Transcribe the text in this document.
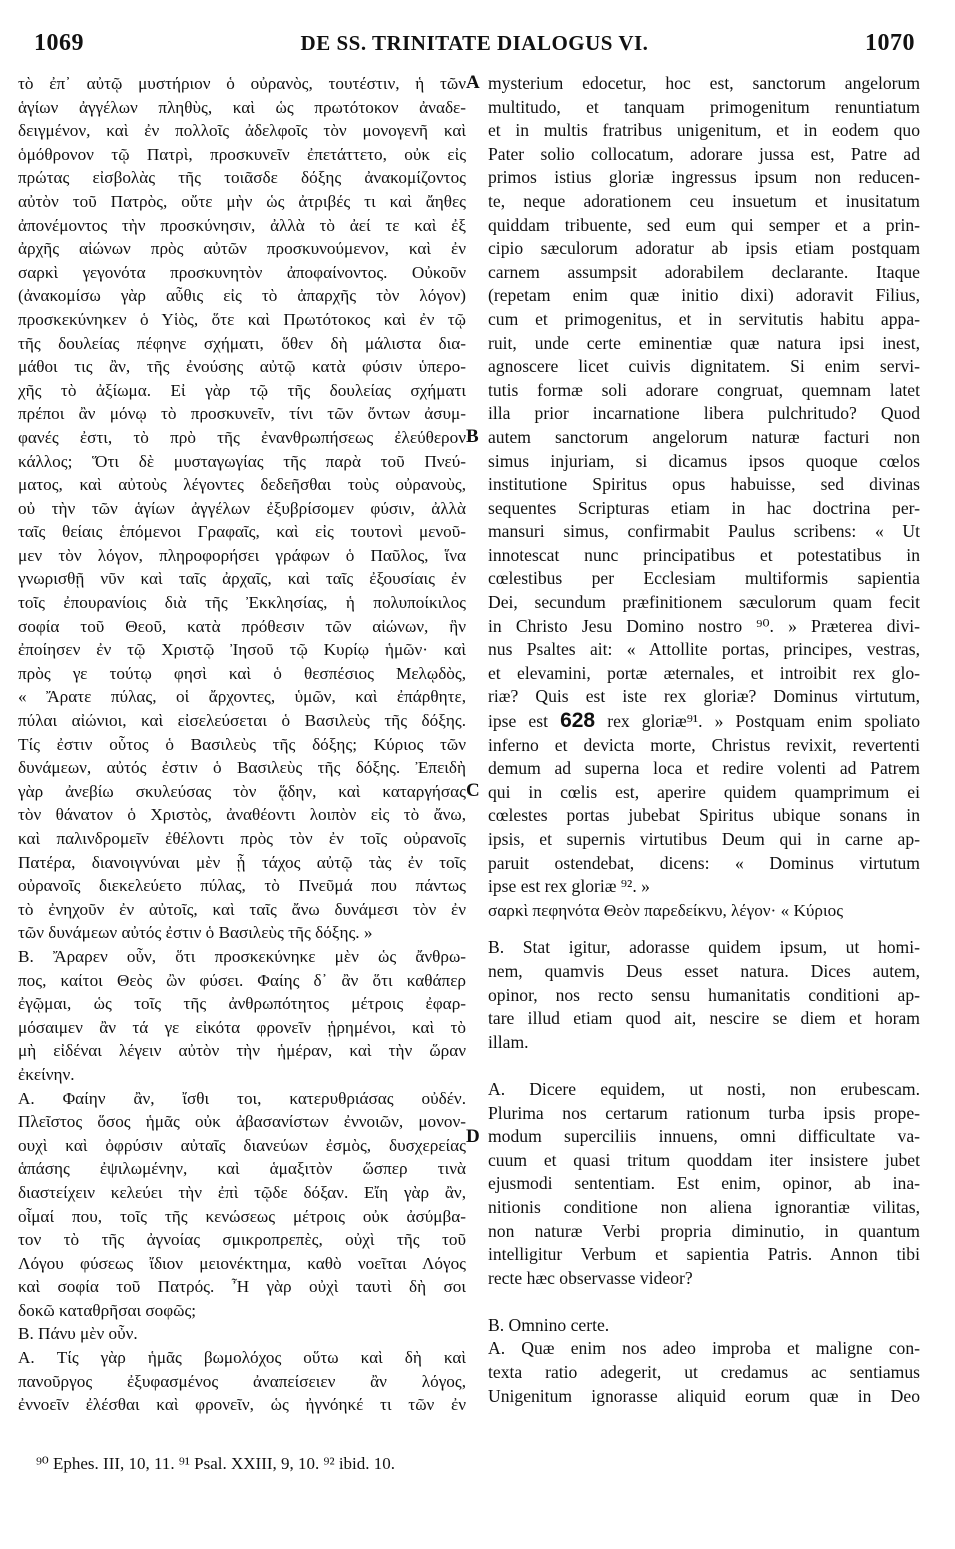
1069	DE SS. TRINITATE DIALOGUS VI.	1070
τὸ ἐπ᾽ αὐτῷ μυστήριον ὁ οὐρανὸς, τουτέστιν, ἡ τῶν
ἁγίων ἀγγέλων πληθὺς, καὶ ὡς πρωτότοκον ἀναδε-
δειγμένον, καὶ ἐν πολλοῖς ἀδελφοῖς τὸν μονογενῆ καὶ
ὁμόθρονον τῷ Πατρὶ, προσκυνεῖν ἐπετάττετο, οὐκ εἰς
πρώτας εἰσβολὰς τῆς τοιᾶσδε δόξης ἀνακομίζοντος
αὐτὸν τοῦ Πατρὸς, οὔτε μὴν ὡς ἀτριβές τι καὶ ἄηθες
ἀπονέμοντος τὴν προσκύνησιν, ἀλλὰ τὸ ἀεί τε καὶ ἐξ
ἀρχῆς αἰώνων πρὸς αὐτῶν προσκυνούμενον, καὶ ἐν
σαρκὶ γεγονότα προσκυνητὸν ἀποφαίνοντος. Οὐκοῦν
(ἀνακομίσω γὰρ αὖθις εἰς τὸ ἀπαρχῆς τὸν λόγον)
προσκεκύνηκεν ὁ Υἱὸς, ὅτε καὶ Πρωτότοκος καὶ ἐν τῷ
τῆς δουλείας πέφηνε σχήματι, ὅθεν δὴ μάλιστα δια-
μάθοι τις ἂν, τῆς ἐνούσης αὐτῷ κατὰ φύσιν ὑπερο-
χῆς τὸ ἀξίωμα. Εἰ γὰρ τῷ τῆς δουλείας σχήματι
πρέποι ἂν μόνῳ τὸ προσκυνεῖν, τίνι τῶν ὄντων ἀσυμ-
φανές ἐστι, τὸ πρὸ τῆς ἐνανθρωπήσεως ἐλεύθερον
κάλλος; Ὅτι δὲ μυσταγωγίας τῆς παρὰ τοῦ Πνεύ-
ματος, καὶ αὐτοὺς λέγοντες δεδεῆσθαι τοὺς οὐρανοὺς,
οὐ τὴν τῶν ἁγίων ἀγγέλων ἐξυβρίσομεν φύσιν, ἀλλὰ
ταῖς θείαις ἑπόμενοι Γραφαῖς, καὶ εἰς τουτονὶ μενοῦ-
μεν τὸν λόγον, πληροφορήσει γράφων ὁ Παῦλος, ἵνα
γνωρισθῇ νῦν καὶ ταῖς ἀρχαῖς, καὶ ταῖς ἐξουσίαις ἐν
τοῖς ἐπουρανίοις διὰ τῆς Ἐκκλησίας, ἡ πολυποίκιλος
σοφία τοῦ Θεοῦ, κατὰ πρόθεσιν τῶν αἰώνων, ἣν
ἐποίησεν ἐν τῷ Χριστῷ Ἰησοῦ τῷ Κυρίῳ ἡμῶν· καὶ
πρὸς γε τούτῳ φησὶ καὶ ὁ θεσπέσιος Μελῳδὸς,
« Ἄρατε πύλας, οἱ ἄρχοντες, ὑμῶν, καὶ ἐπάρθητε,
πύλαι αἰώνιοι, καὶ εἰσελεύσεται ὁ Βασιλεὺς τῆς δόξης.
Τίς ἐστιν οὗτος ὁ Βασιλεὺς τῆς δόξης; Κύριος τῶν
δυνάμεων, αὐτός ἐστιν ὁ Βασιλεὺς τῆς δόξης. Ἐπειδὴ
γὰρ ἀνεβίω σκυλεύσας τὸν ᾅδην, καὶ καταργήσας
τὸν θάνατον ὁ Χριστὸς, ἀναθέοντι λοιπὸν εἰς τὸ ἄνω,
καὶ παλινδρομεῖν ἐθέλοντι πρὸς τὸν ἐν τοῖς οὐρανοῖς
Πατέρα, διανοιγνύναι μὲν ᾗ τάχος αὐτῷ τὰς ἐν τοῖς
οὐρανοῖς διεκελεύετο πύλας, τὸ Πνεῦμά που πάντως
τὸ ἐνηχοῦν ἐν αὐτοῖς, καὶ ταῖς ἄνω δυνάμεσι τὸν ἐν
τῶν δυνάμεων αὐτός ἐστιν ὁ Βασιλεὺς τῆς δόξης. »
B. Ἄραρεν οὖν, ὅτι προσκεκύνηκε μὲν ὡς ἄνθρω-
πος, καίτοι Θεὸς ὢν φύσει. Φαίης δ᾽ ἂν ὅτι καθάπερ
ἐγῷμαι, ὡς τοῖς τῆς ἀνθρωπότητος μέτροις ἐφαρ-
μόσαιμεν ἂν τά γε εἰκότα φρονεῖν ᾑρημένοι, καὶ τὸ
μὴ εἰδέναι λέγειν αὐτὸν τὴν ἡμέραν, καὶ τὴν ὥραν
ἐκείνην.
A. Φαίην ἂν, ἴσθι τοι, κατερυθριάσας οὐδέν.
Πλεῖστος ὅσος ἡμᾶς οὐκ ἀβασανίστων ἐννοιῶν, μονον-
ουχὶ καὶ ὀφρύσιν αὐταῖς διανεύων ἐσμὸς, δυσχερείας
ἁπάσης ἐψιλωμένην, καὶ ἁμαξιτὸν ὥσπερ τινὰ
διαστείχειν κελεύει τὴν ἐπὶ τῷδε δόξαν. Εἴη γὰρ ἂν,
οἶμαί που, τοῖς τῆς κενώσεως μέτροις οὐκ ἀσύμβα-
τον τὸ τῆς ἀγνοίας σμικροπρεπὲς, οὐχὶ τῆς τοῦ
Λόγου φύσεως ἴδιον μειονέκτημα, καθὸ νοεῖται Λόγος
καὶ σοφία τοῦ Πατρός. Ἦ γὰρ οὐχὶ ταυτὶ δὴ σοι
δοκῶ καταθρῆσαι σοφῶς;
B. Πάνυ μὲν οὖν.
A. Τίς γὰρ ἡμᾶς βωμολόχος οὕτω καὶ δὴ καὶ
πανοῦργος ἐξυφασμένος ἀναπείσειεν ἂν λόγος,
ἐννοεῖν ἐλέσθαι καὶ φρονεῖν, ὡς ἠγνόηκέ τι τῶν ἐν
mysterium edocetur, hoc est, sanctorum angelorum
multitudo, et tanquam primogenitum renuntiatum
et in multis fratribus unigenitum, et in eodem quo
Pater solio collocatum, adorare jussa est, Patre ad
primos istius gloriæ ingressus ipsum non reducen-
te, neque adorationem ceu insuetum et inusitatum
quiddam tribuente, sed eum qui semper et a prin-
cipio sæculorum adoratur ab ipsis etiam postquam
carnem assumpsit adorabilem declarante. Itaque
(repetam enim quæ initio dixi) adoravit Filius,
cum et primogenitus, et in servitutis habitu appa-
ruit, unde certe eminentiæ quæ natura ipsi inest,
agnoscere licet cuivis dignitatem. Si enim servi-
tutis formæ soli adorare congruat, quemnam latet
illa prior incarnatione libera pulchritudo? Quod
autem sanctorum angelorum naturæ facturi non
simus injuriam, si dicamus ipsos quoque cœlos
institutione Spiritus opus habuisse, sed divinas
sequentes Scripturas etiam in hac doctrina per-
mansuri simus, confirmabit Paulus scribens: « Ut
innotescat nunc principatibus et potestatibus in
cœlestibus per Ecclesiam multiformis sapientia
Dei, secundum præfinitionem sæculorum quam fecit
in Christo Jesu Domino nostro ⁹⁰. » Præterea divi-
nus Psaltes ait: « Attollite portas, principes, vestras,
et elevamini, portæ æternales, et introibit rex glo-
riæ? Quis est iste rex gloriæ? Dominus virtutum,
ipse est 628 rex gloriæ⁹¹. » Postquam enim spoliato
inferno et devicta morte, Christus revixit, revertenti
demum ad superna loca et redire volenti ad Patrem
qui in cœlis est, aperire quidem quamprimum ei
cœlestes portas jubebat Spiritus ubique sonans in
ipsis, et supernis virtutibus Deum qui in carne ap-
paruit ostendebat, dicens: « Dominus virtutum
ipse est rex gloriæ ⁹². »
σαρκὶ πεφηνότα Θεὸν παρεδείκνυ, λέγον· « Κύριος
B. Stat igitur, adorasse quidem ipsum, ut homi-
nem, quamvis Deus esset natura. Dices autem,
opinor, nos recto sensu humanitatis conditioni ap-
tare illud etiam quod ait, nescire se diem et horam
illam.
A. Dicere equidem, ut nosti, non erubescam.
Plurima nos certarum rationum turba ipsis prope-
modum superciliis innuens, omni difficultate va-
cuum et quasi tritum quoddam iter insistere jubet
ejusmodi sententiam. Est enim, opinor, ab ina-
nitionis conditione non aliena ignorantiæ vilitas,
non naturæ Verbi propria diminutio, in quantum
intelligitur Verbum et sapientia Patris. Annon tibi
recte hæc observasse videor?
B. Omnino certe.
A. Quæ enim nos adeo improba et maligne con-
texta ratio adegerit, ut credamus ac sentiamus
Unigenitum ignorasse aliquid eorum quæ in Deo
A
B
C
D
⁹⁰ Ephes. III, 10, 11. ⁹¹ Psal. XXIII, 9, 10. ⁹² ibid. 10.
